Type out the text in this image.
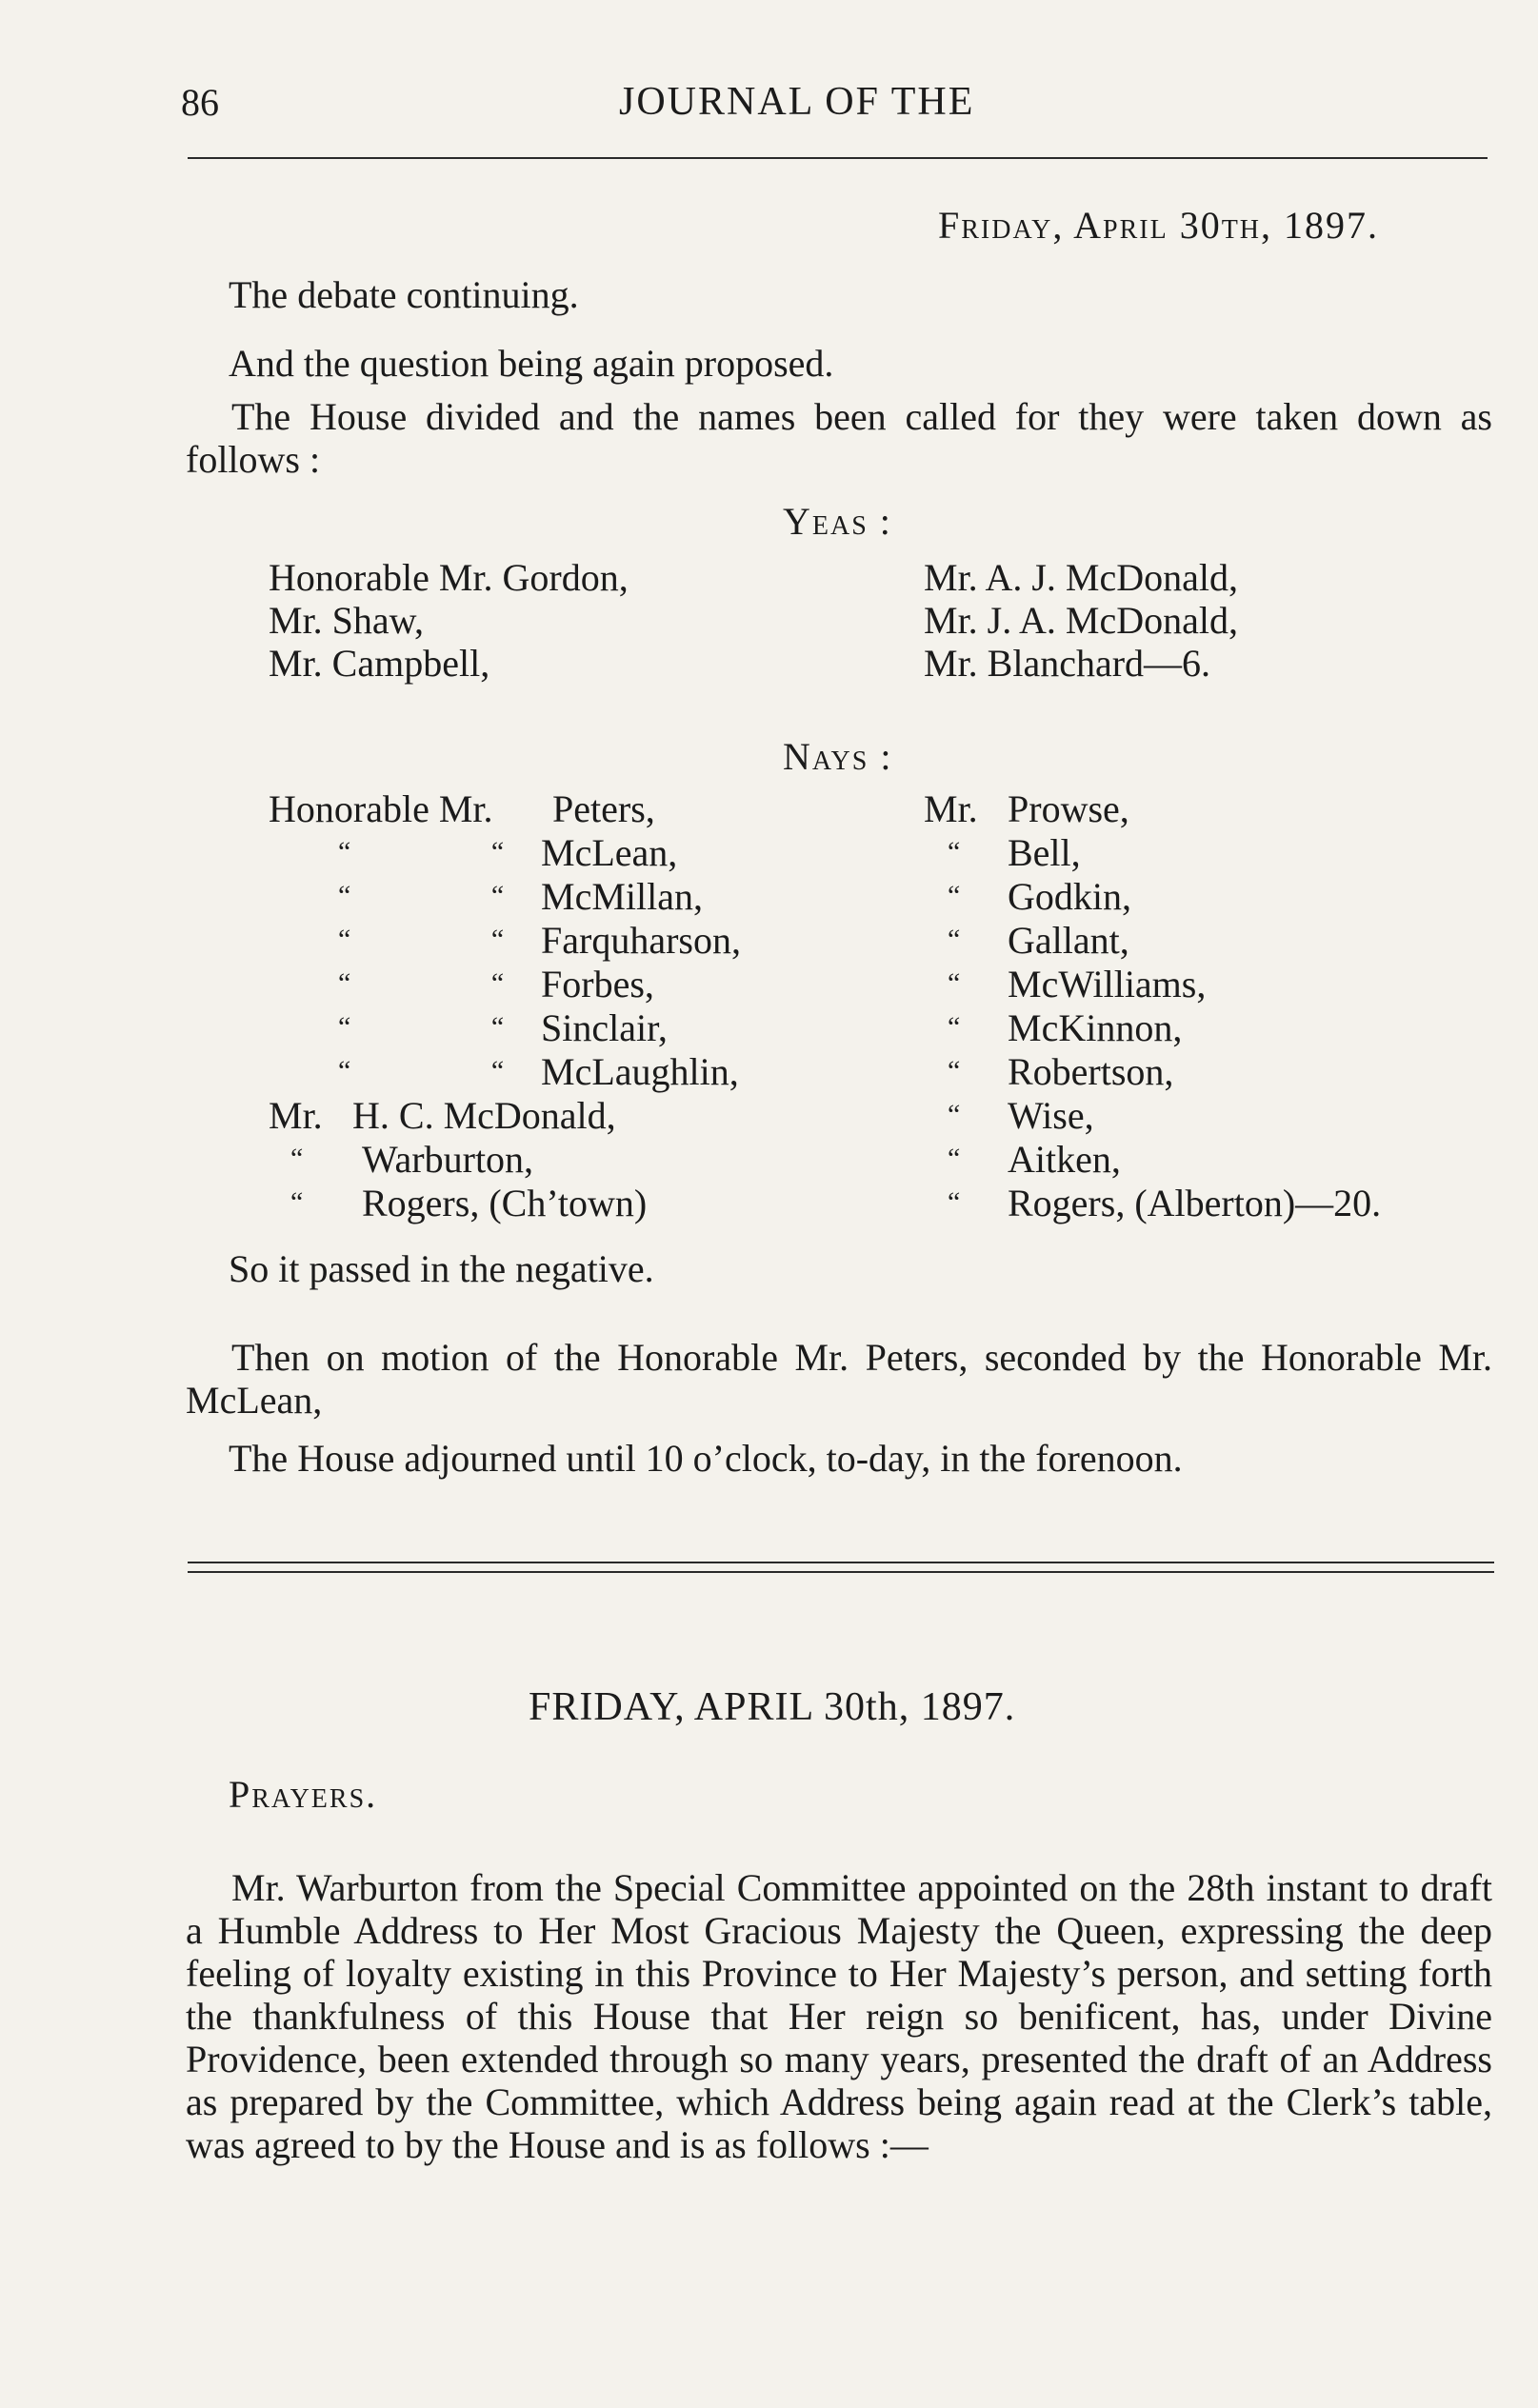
86	JOURNAL OF THE
Friday, April 30th, 1897.
The debate continuing.
And the question being again proposed.
The House divided and the names been called for they were taken down as follows :
Yeas :
Honorable Mr. Gordon,
Mr. Shaw,
Mr. Campbell,
Mr. A. J. McDonald,
Mr. J. A. McDonald,
Mr. Blanchard—6.
Nays :
Honorable Mr. Peters,
“ “ McLean,
“ “ McMillan,
“ “ Farquharson,
“ “ Forbes,
“ “ Sinclair,
“ “ McLaughlin,
Mr. H. C. McDonald,
“ Warburton,
“ Rogers, (Ch’town)
Mr. Prowse,
“ Bell,
“ Godkin,
“ Gallant,
“ McWilliams,
“ McKinnon,
“ Robertson,
“ Wise,
“ Aitken,
“ Rogers, (Alberton)—20.
So it passed in the negative.
Then on motion of the Honorable Mr. Peters, seconded by the Honorable Mr. McLean,
The House adjourned until 10 o’clock, to-day, in the forenoon.
FRIDAY, APRIL 30th, 1897.
Prayers.
Mr. Warburton from the Special Committee appointed on the 28th instant to draft a Humble Address to Her Most Gracious Majesty the Queen, expressing the deep feeling of loyalty existing in this Province to Her Majesty’s person, and setting forth the thankfulness of this House that Her reign so benificent, has, under Divine Providence, been extended through so many years, presented the draft of an Address as prepared by the Committee, which Address being again read at the Clerk’s table, was agreed to by the House and is as follows :—
